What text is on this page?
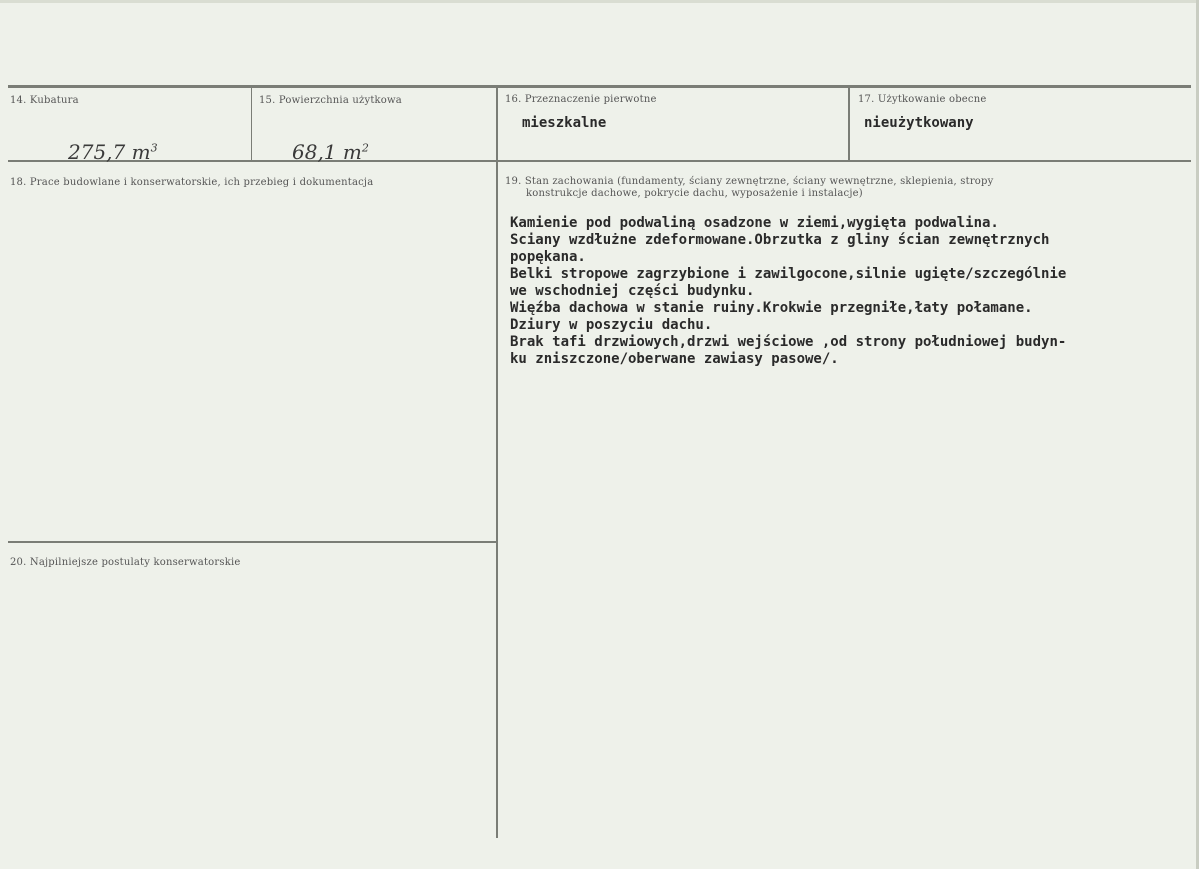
14. Kubatura
275,7 $m^3$
15. Powierzchnia użytkowa
68,1 $m^2$
16. Przeznaczenie pierwotne
mieszkalne
17. Użytkowanie obecne
nieużytkowany
18. Prace budowlane i konserwatorskie, ich przebieg i dokumentacja	19. Stan zachowania (fundamenty, ściany zewnętrzne, ściany wewnętrzne, sklepienia, stropy
konstrukcje dachowe, pokrycie dachu, wyposażenie i instalacje)
Kamienie pod podwaliną osadzone w ziemi,wygięta podwalina.
Sciany wzdłużne zdeformowane.Obrzutka z gliny ścian zewnętrznych
popękana.
Belki stropowe zagrzybione i zawilgocone,silnie ugięte/szczególnie
we wschodniej części budynku.
Więźba dachowa w stanie ruiny.Krokwie przegniłe,łaty połamane.
Dziury w poszyciu dachu.
Brak tafi drzwiowych,drzwi wejściowe ,od strony południowej budyn-
ku zniszczone/oberwane zawiasy pasowe/.
20. Najpilniejsze postulaty konserwatorskie
